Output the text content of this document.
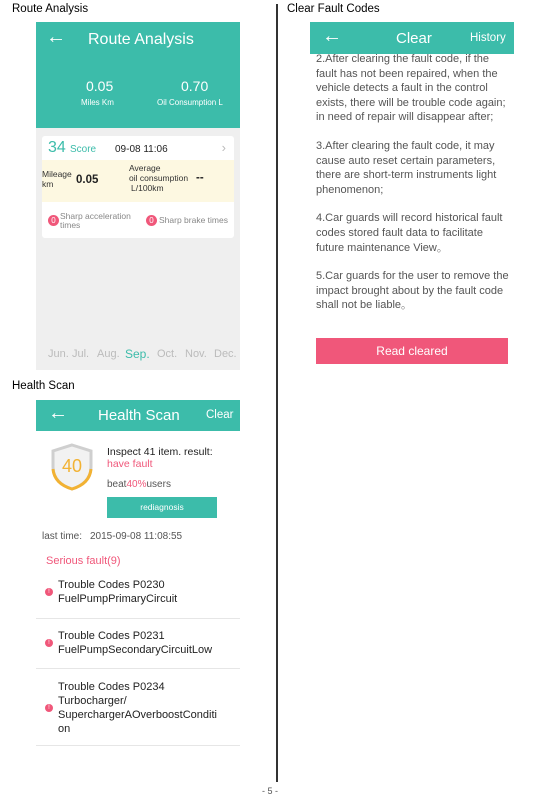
Route Analysis	Clear Fault Codes
Health Scan
← Route Analysis
0.05
Miles Km
0.70
Oil Consumption L
34 Score 09-08 11:06	›
Mileage km	0.05
Average
oil consumption
L/100km
--
0 Sharp acceleration times	0 Sharp brake times
Jun. Jul. Aug. Sep. Oct. Nov. Dec.
← Health Scan Clear
40
Inspect 41 item. result:
have fault
beat40%users
rediagnosis
last time: 2015-09-08 11:08:55
Serious fault(9)
!
Trouble Codes P0230
FuelPumpPrimaryCircuit
!
Trouble Codes P0231
FuelPumpSecondaryCircuitLow
!
Trouble Codes P0234
Turbocharger/
SuperchargerAOverboostConditi
on
←	Clear	History

2.After clearing the fault code, if the fault has not been repaired, when the vehicle detects a fault in the control exists, there will be trouble code again; in need of repair will disappear after;

3.After clearing the fault code, it may cause auto reset certain parameters, there are short-term instruments light phenomenon;

4.Car guards will record historical fault codes stored fault data to facilitate future maintenance View。

5.Car guards for the user to remove the impact brought about by the fault code shall not be liable。

Read cleared
- 5 -
